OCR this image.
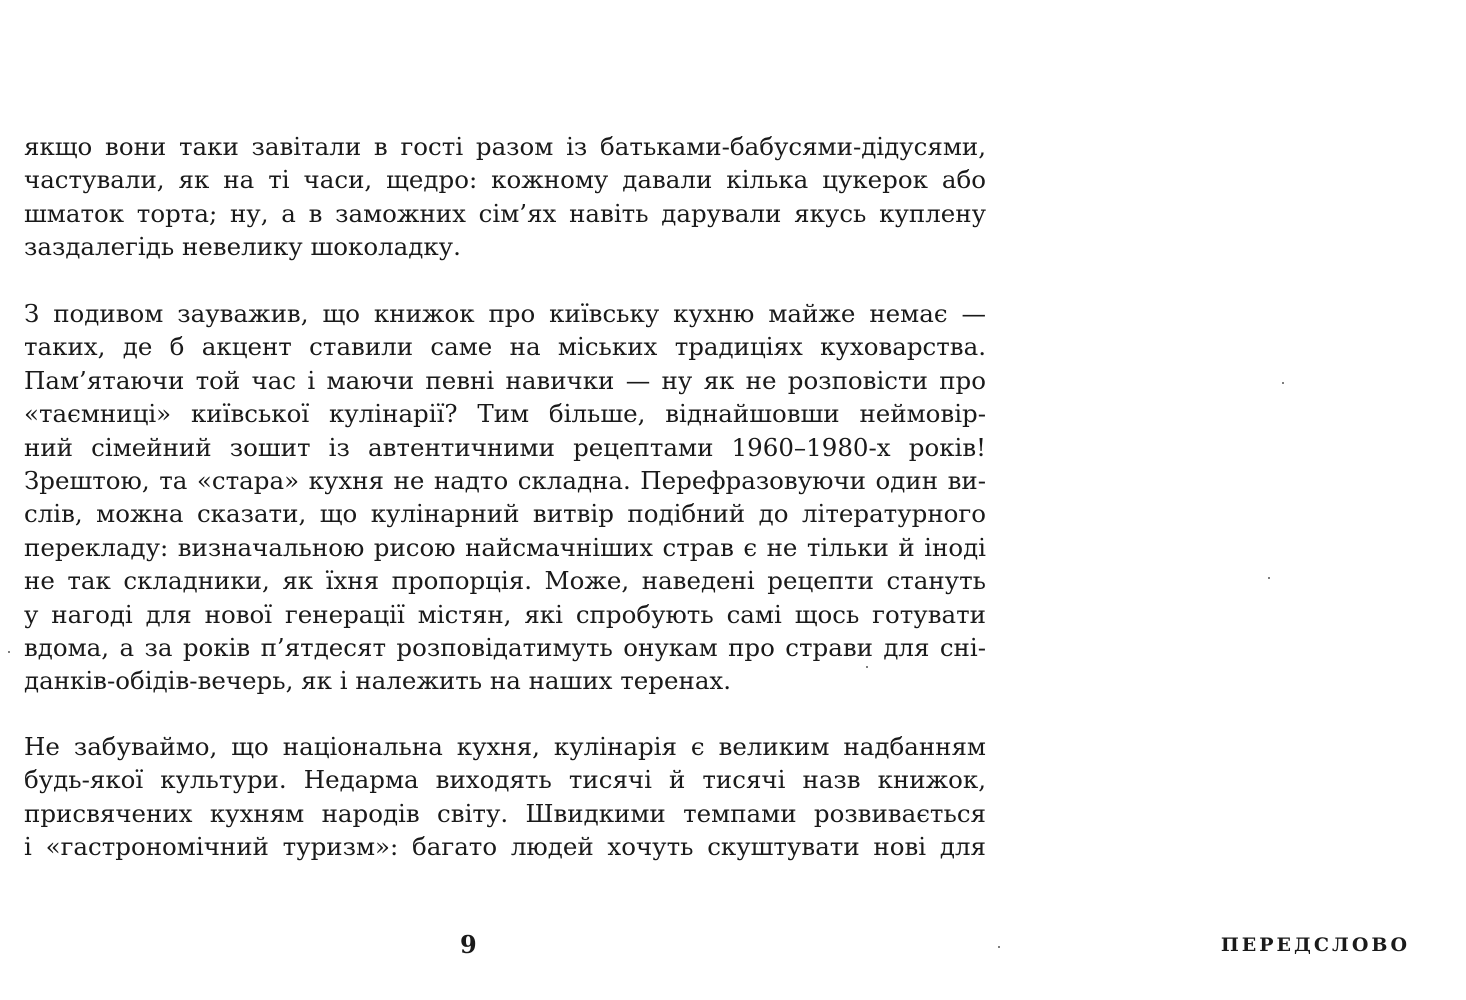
якщо вони таки завітали в гості разом із батьками-бабусями-дідусями,
частували, як на ті часи, щедро: кожному давали кілька цукерок або
шматок торта; ну, а в заможних сім’ях навіть дарували якусь куплену
заздалегідь невелику шоколадку.
З подивом зауважив, що книжок про київську кухню майже немає —
таких, де б акцент ставили саме на міських традиціях куховарства.
Пам’ятаючи той час і маючи певні навички — ну як не розповісти про
«таємниці» київської кулінарії? Тим більше, віднайшовши неймовір-
ний сімейний зошит із автентичними рецептами 1960–1980-х років!
Зрештою, та «стара» кухня не надто складна. Перефразовуючи один ви-
слів, можна сказати, що кулінарний витвір подібний до літературного
перекладу: визначальною рисою найсмачніших страв є не тільки й іноді
не так складники, як їхня пропорція. Може, наведені рецепти стануть
у нагоді для нової генерації містян, які спробують самі щось готувати
вдома, а за років п’ятдесят розповідатимуть онукам про страви для сні-
данків-обідів-вечерь, як і належить на наших теренах.
Не забуваймо, що національна кухня, кулінарія є великим надбанням
будь-якої культури. Недарма виходять тисячі й тисячі назв книжок,
присвячених кухням народів світу. Швидкими темпами розвивається
і «гастрономічний туризм»: багато людей хочуть скуштувати нові для
9	ПЕРЕДСЛОВО
